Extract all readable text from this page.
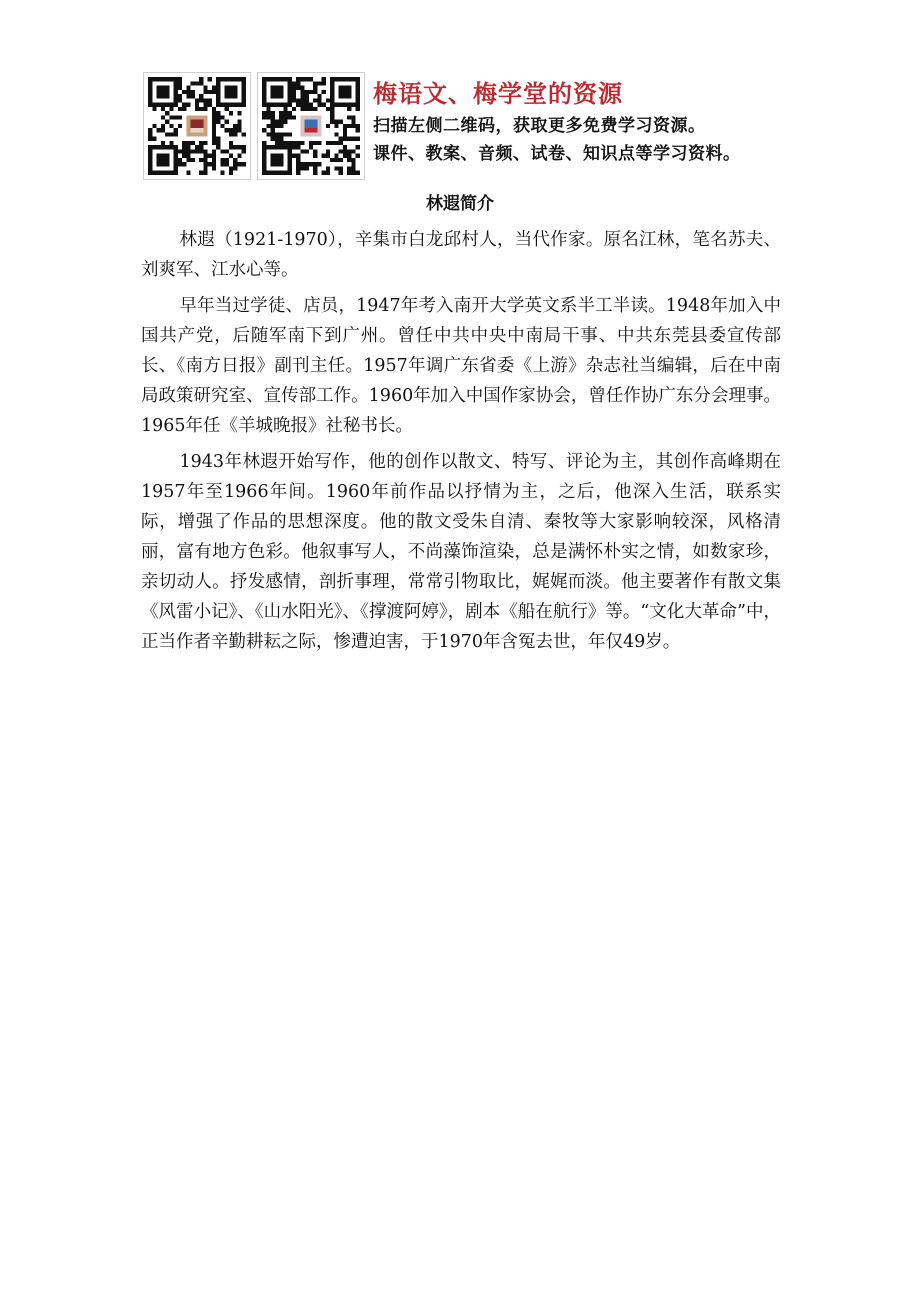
梅语文、梅学堂的资源
扫描左侧二维码，获取更多免费学习资源。
课件、教案、音频、试卷、知识点等学习资料。
林遐简介

林遐（1921-1970），辛集市白龙邱村人，当代作家。原名江林，笔名苏夫、刘爽军、江水心等。

早年当过学徒、店员，1947年考入南开大学英文系半工半读。1948年加入中国共产党，后随军南下到广州。曾任中共中央中南局干事、中共东莞县委宣传部长、《南方日报》副刊主任。1957年调广东省委《上游》杂志社当编辑，后在中南局政策研究室、宣传部工作。1960年加入中国作家协会，曾任作协广东分会理事。1965年任《羊城晚报》社秘书长。

1943年林遐开始写作，他的创作以散文、特写、评论为主，其创作高峰期在1957年至1966年间。1960年前作品以抒情为主，之后，他深入生活，联系实际，增强了作品的思想深度。他的散文受朱自清、秦牧等大家影响较深，风格清丽，富有地方色彩。他叙事写人，不尚藻饰渲染，总是满怀朴实之情，如数家珍，亲切动人。抒发感情，剖折事理，常常引物取比，娓娓而淡。他主要著作有散文集《风雷小记》、《山水阳光》、《撑渡阿婷》，剧本《船在航行》等。“文化大革命”中，正当作者辛勤耕耘之际，惨遭迫害，于1970年含冤去世，年仅49岁。
